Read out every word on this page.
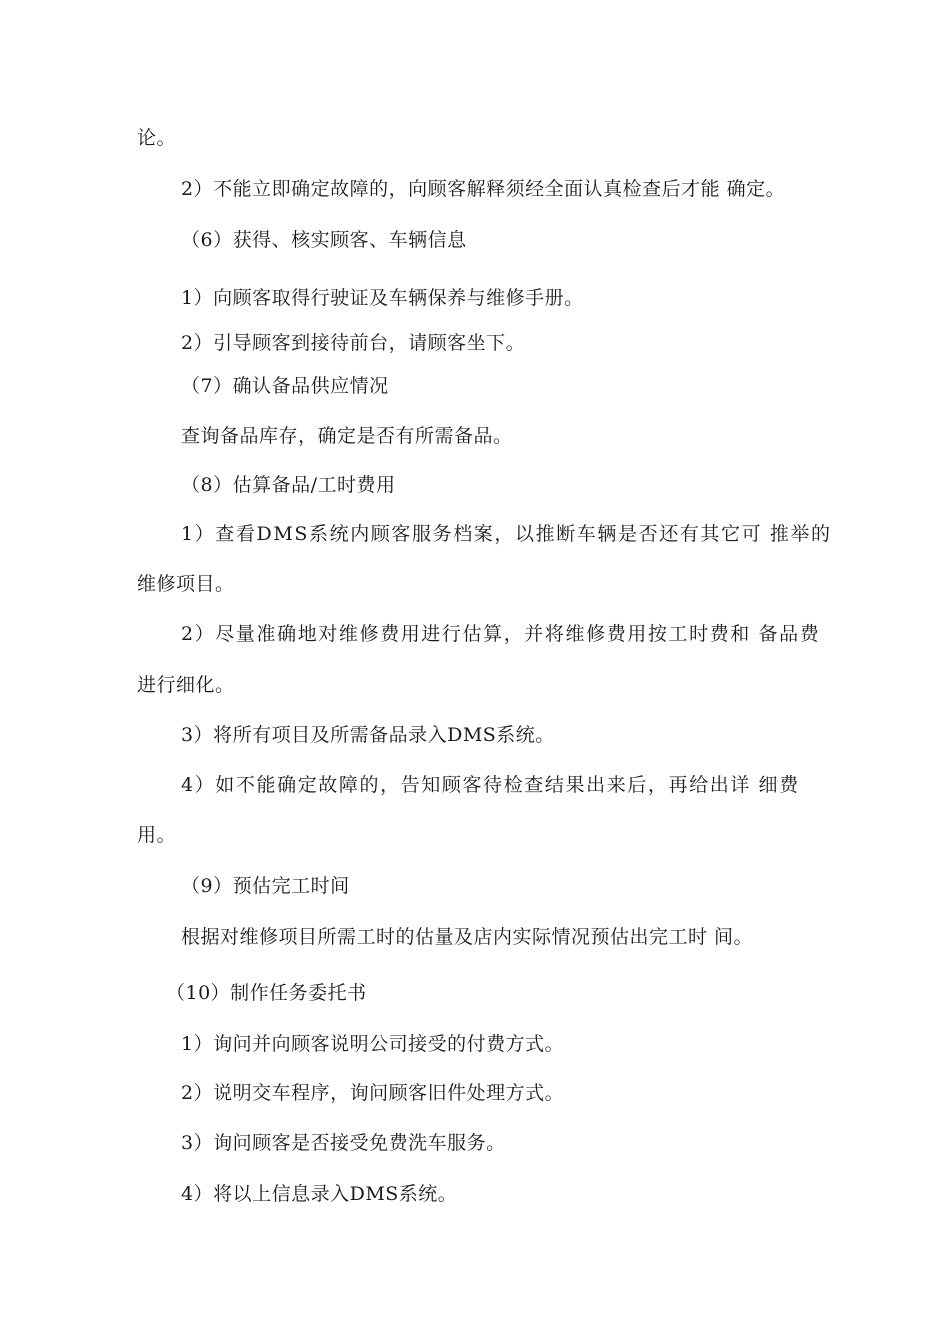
论。
2）不能立即确定故障的，向顾客解释须经全面认真检查后才能 确定。
（6）获得、核实顾客、车辆信息
1）向顾客取得行驶证及车辆保养与维修手册。
2）引导顾客到接待前台，请顾客坐下。
（7）确认备品供应情况
查询备品库存，确定是否有所需备品。
（8）估算备品/工时费用
1）查看DMS系统内顾客服务档案，以推断车辆是否还有其它可 推举的
维修项目。
2）尽量准确地对维修费用进行估算，并将维修费用按工时费和 备品费
进行细化。
3）将所有项目及所需备品录入DMS系统。
4）如不能确定故障的，告知顾客待检查结果出来后，再给出详 细费
用。
（9）预估完工时间
根据对维修项目所需工时的估量及店内实际情况预估出完工时 间。
（10）制作任务委托书
1）询问并向顾客说明公司接受的付费方式。
2）说明交车程序，询问顾客旧件处理方式。
3）询问顾客是否接受免费洗车服务。
4）将以上信息录入DMS系统。
